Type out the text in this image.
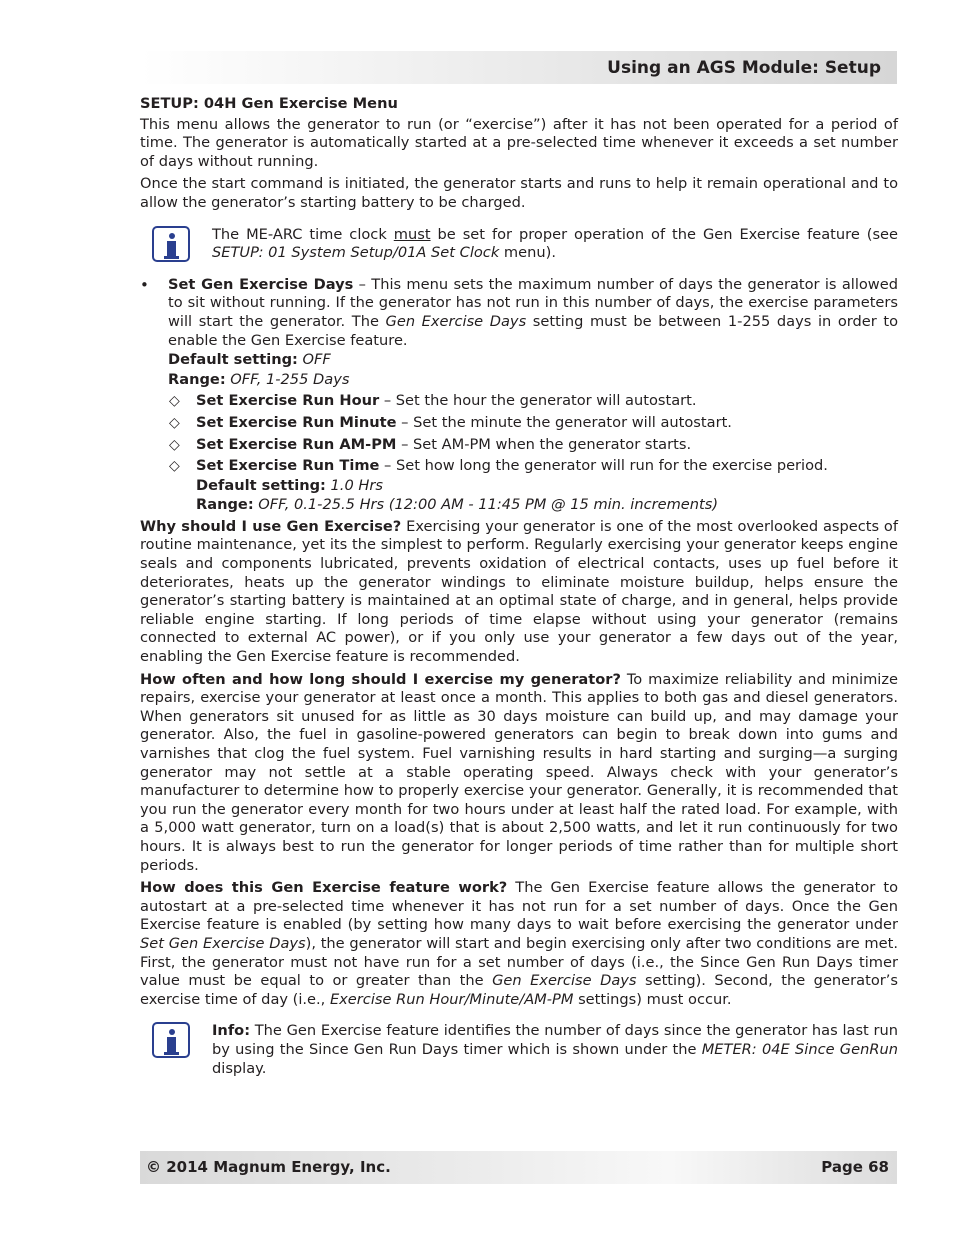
Using an AGS Module: Setup
SETUP: 04H Gen Exercise Menu

This menu allows the generator to run (or “exercise”) after it has not been operated for a period of time. The generator is automatically started at a pre-selected time whenever it exceeds a set number of days without running.

Once the start command is initiated, the generator starts and runs to help it remain operational and to allow the generator’s starting battery to be charged.

The ME-ARC time clock must be set for proper operation of the Gen Exercise feature (see SETUP: 01 System Setup/01A Set Clock menu).
• Set Gen Exercise Days – This menu sets the maximum number of days the generator is allowed to sit without running. If the generator has not run in this number of days, the exercise parameters will start the generator. The Gen Exercise Days setting must be between 1-255 days in order to enable the Gen Exercise feature.
Default setting: OFF
Range: OFF, 1-255 Days
◇ Set Exercise Run Hour – Set the hour the generator will autostart.
◇ Set Exercise Run Minute – Set the minute the generator will autostart.
◇ Set Exercise Run AM-PM – Set AM-PM when the generator starts.
◇ Set Exercise Run Time – Set how long the generator will run for the exercise period.
Default setting: 1.0 Hrs
Range: OFF, 0.1-25.5 Hrs (12:00 AM - 11:45 PM @ 15 min. increments)

Why should I use Gen Exercise? Exercising your generator is one of the most overlooked aspects of routine maintenance, yet its the simplest to perform. Regularly exercising your generator keeps engine seals and components lubricated, prevents oxidation of electrical contacts, uses up fuel before it deteriorates, heats up the generator windings to eliminate moisture buildup, helps ensure the generator’s starting battery is maintained at an optimal state of charge, and in general, helps provide reliable engine starting. If long periods of time elapse without using your generator (remains connected to external AC power), or if you only use your generator a few days out of the year, enabling the Gen Exercise feature is recommended.

How often and how long should I exercise my generator? To maximize reliability and minimize repairs, exercise your generator at least once a month. This applies to both gas and diesel generators. When generators sit unused for as little as 30 days moisture can build up, and may damage your generator. Also, the fuel in gasoline-powered generators can begin to break down into gums and varnishes that clog the fuel system. Fuel varnishing results in hard starting and surging—a surging generator may not settle at a stable operating speed. Always check with your generator’s manufacturer to determine how to properly exercise your generator. Generally, it is recommended that you run the generator every month for two hours under at least half the rated load. For example, with a 5,000 watt generator, turn on a load(s) that is about 2,500 watts, and let it run continuously for two hours. It is always best to run the generator for longer periods of time rather than for multiple short periods.

How does this Gen Exercise feature work? The Gen Exercise feature allows the generator to autostart at a pre-selected time whenever it has not run for a set number of days. Once the Gen Exercise feature is enabled (by setting how many days to wait before exercising the generator under Set Gen Exercise Days), the generator will start and begin exercising only after two conditions are met. First, the generator must not have run for a set number of days (i.e., the Since Gen Run Days timer value must be equal to or greater than the Gen Exercise Days setting). Second, the generator’s exercise time of day (i.e., Exercise Run Hour/Minute/AM-PM settings) must occur.

Info: The Gen Exercise feature identifies the number of days since the generator has last run by using the Since Gen Run Days timer which is shown under the METER: 04E Since GenRun display.
© 2014 Magnum Energy, Inc.	Page 68
